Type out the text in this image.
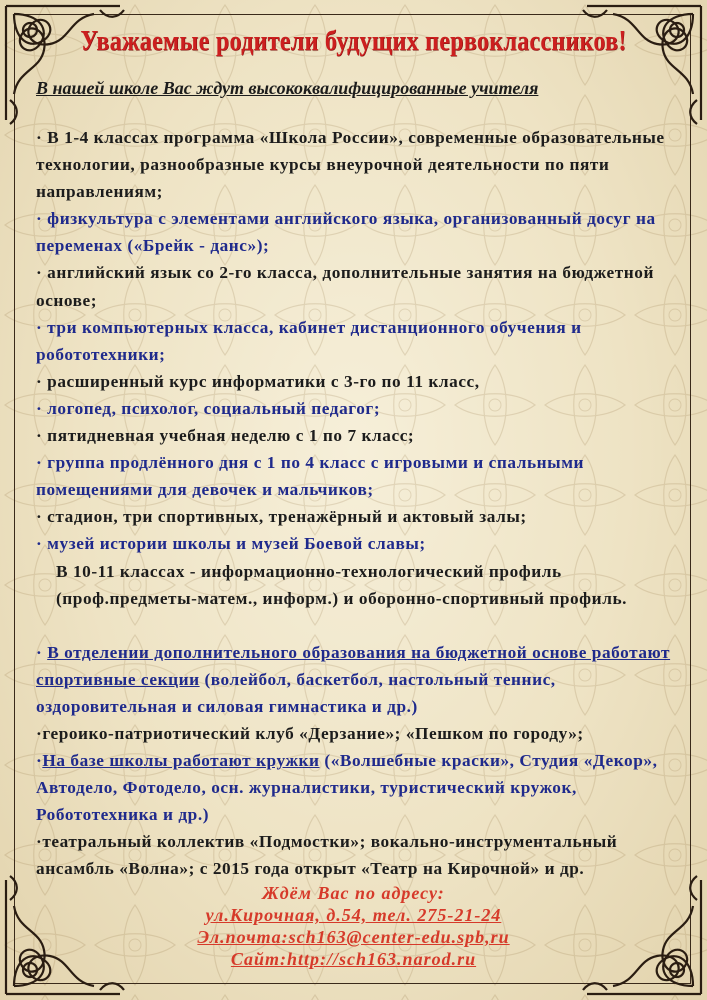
Уважаемые родители будущих первоклассников!
В нашей школе Вас ждут высококвалифицированные учителя

· В 1-4 классах программа «Школа России», современные образовательные технологии, разнообразные курсы внеурочной деятельности по пяти направлениям;

· физкультура с элементами английского языка, организованный досуг на переменах («Брейк - данс»);

· английский язык со 2-го класса, дополнительные занятия на бюджетной основе;

· три компьютерных класса, кабинет дистанционного обучения и робототехники;

· расширенный курс информатики с 3-го по 11 класс,

· логопед, психолог, социальный педагог;

· пятидневная учебная неделю с 1 по 7 класс;

· группа продлённого дня с 1 по 4 класс с игровыми и спальными помещениями для девочек и мальчиков;

· стадион, три спортивных, тренажёрный и актовый залы;

· музей истории школы и музей Боевой славы;

В 10-11 классах - информационно-технологический профиль (проф.предметы-матем., информ.) и оборонно-спортивный профиль.

· В отделении дополнительного образования на бюджетной основе работают спортивные секции (волейбол, баскетбол, настольный теннис, оздоровительная и силовая гимнастика и др.)

·героико-патриотический клуб «Дерзание»; «Пешком по городу»;

·На базе школы работают кружки («Волшебные краски», Студия «Декор», Автодело, Фотодело, осн. журналистики, туристический кружок, Робототехника и др.)

·театральный коллектив «Подмостки»; вокально-инструментальный ансамбль «Волна»; с 2015 года открыт «Театр на Кирочной» и др.

Ждём Вас по адресу:
ул.Кирочная, д.54, тел. 275-21-24
Эл.почта:sch163@center-edu.spb,ru
Сайт:http://sch163.narod.ru
